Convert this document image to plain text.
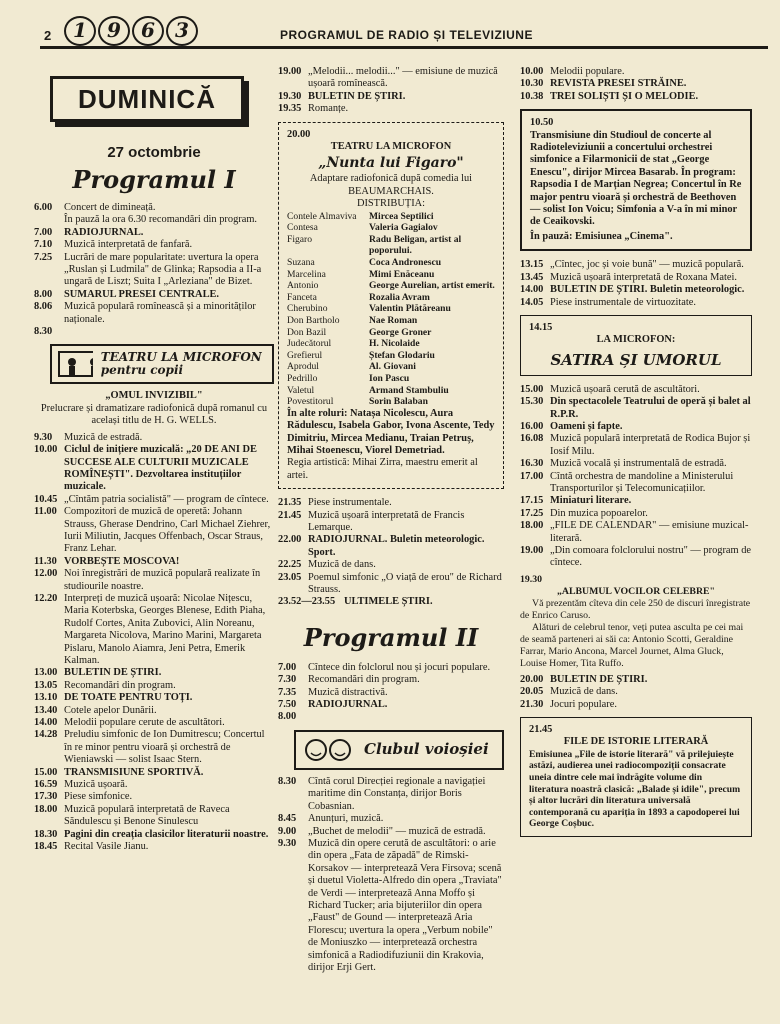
2	1	9	6	3	PROGRAMUL DE RADIO ȘI TELEVIZIUNE
DUMINICĂ
27 octombrie
Programul I
6.00	Concert de dimineață.
În pauză la ora 6.30 recomandări din program.
7.00	RADIOJURNAL.
7.10	Muzică interpretată de fanfară.
7.25	Lucrări de mare popularitate: uvertura la opera „Ruslan și Ludmila" de Glinka; Rapsodia a II-a ungară de Liszt; Suita I „Arleziana" de Bizet.
8.00	SUMARUL PRESEI CENTRALE.
8.06	Muzică populară romînească și a minorităților naționale.
8.30
TEATRU LA MICROFON pentru copii
„OMUL INVIZIBIL"
Prelucrare și dramatizare radiofonică după romanul cu același titlu de H. G. WELLS.
9.30	Muzică de estradă.
10.00 Ciclul de inițiere muzicală: „20 DE ANI DE SUCCESE ALE CULTURII MUZICALE ROMÎNEȘTI". Dezvoltarea instituțiilor muzicale.
10.45 „Cîntăm patria socialistă" — program de cîntece.
11.00 Compozitori de muzică de operetă: Johann Strauss, Gherase Dendrino, Carl Michael Ziehrer, Iurii Miliutin, Jacques Offenbach, Oscar Straus, Franz Lehar.
11.30 VORBEȘTE MOSCOVA!
12.00 Noi înregistrări de muzică populară realizate în studiourile noastre.
12.20 Interpreți de muzică ușoară: Nicolae Nițescu, Maria Koterbska, Georges Blenese, Edith Piaha, Rudolf Cortes, Anita Zubovici, Alin Noreanu, Margareta Nicolova, Marino Marini, Margareta Pislaru, Manolo Aiamra, Jeni Petra, Emerik Kalman.
13.00 BULETIN DE ȘTIRI.
13.05 Recomandări din program.
13.10 DE TOATE PENTRU TOȚI.
13.40 Cotele apelor Dunării.
14.00 Melodii populare cerute de ascultători.
14.28 Preludiu simfonic de Ion Dumitrescu; Concertul în re minor pentru vioară și orchestră de Wieniawski — solist Isaac Stern.
15.00 TRANSMISIUNE SPORTIVĂ.
16.59 Muzică ușoară.
17.30 Piese simfonice.
18.00 Muzică populară interpretată de Raveca Săndulescu și Benone Sinulescu
18.30 Pagini din creația clasicilor literaturii noastre.
18.45 Recital Vasile Jianu.
19.00 „Melodii... melodii..." — emisiune de muzică ușoară romînească.
19.30 BULETIN DE ȘTIRI.
19.35 Romanțe.
20.00
TEATRU LA MICROFON
„Nunta lui Figaro"
Adaptare radiofonică după comedia lui BEAUMARCHAIS.
DISTRIBUȚIA:
Contele Almaviva	Mircea Septilici
Contesa	Valeria Gagialov
Figaro	Radu Beligan, artist al poporului.
Suzana	Coca Andronescu
Marcelina	Mimi Enăceanu
Antonio	George Aurelian, artist emerit.
Fanceta	Rozalia Avram
Cherubino	Valentin Plătăreanu
Don Bartholo	Nae Roman
Don Bazil	George Groner
Judecătorul	H. Nicolaide
Grefierul	Ștefan Glodariu
Aprodul	Al. Giovani
Pedrillo	Ion Pascu
Valetul	Armand Stambuliu
Povestitorul	Sorin Balaban
În alte roluri: Natașa Nicolescu, Aura Rădulescu, Isabela Gabor, Ivona Ascente, Tedy Dimitriu, Mircea Medianu, Traian Petruș, Mihai Stoenescu, Viorel Demetriad.
Regia artistică: Mihai Zirra, maestru emerit al artei.
21.35 Piese instrumentale.
21.45 Muzică ușoară interpretată de Francis Lemarque.
22.00 RADIOJURNAL. Buletin meteorologic. Sport.
22.25 Muzică de dans.
23.05 Poemul simfonic „O viață de erou" de Richard Strauss.
23.52—23.55 ULTIMELE ȘTIRI.
Programul II
7.00	Cîntece din folclorul nou și jocuri populare.
7.30	Recomandări din program.
7.35	Muzică distractivă.
7.50	RADIOJURNAL.
8.00
Clubul voioșiei
8.30	Cîntă corul Direcției regionale a navigației maritime din Constanța, dirijor Boris Cobasnian.
8.45	Anunțuri, muzică.
9.00	„Buchet de melodii" — muzică de estradă.
9.30	Muzică din opere cerută de ascultători: o arie din opera „Fata de zăpadă" de Rimski-Korsakov — interpretează Vera Firsova; scenă și duetul Violetta-Alfredo din opera „Traviata" de Verdi — interpretează Anna Moffo și Richard Tucker; aria bijuteriilor din opera „Faust" de Gound — interpretează Aria Florescu; uvertura la opera „Verbum nobile" de Moniuszko — interpretează orchestra simfonică a Radiodifuziunii din Krakovia, dirijor Erji Gert.
10.00 Melodii populare.
10.30 REVISTA PRESEI STRĂINE.
10.38 TREI SOLIȘTI ȘI O MELODIE.
10.50
Transmisiune din Studioul de concerte al Radioteleviziunii a concertului orchestrei simfonice a Filarmonicii de stat „George Enescu", dirijor Mircea Basarab. În program: Rapsodia I de Marțian Negrea; Concertul în Re major pentru vioară și orchestră de Beethoven — solist Ion Voicu; Simfonia a V-a în mi minor de Ceaikovski.
În pauză: Emisiunea „Cinema".
13.15 „Cîntec, joc și voie bună" — muzică populară.
13.45 Muzică ușoară interpretată de Roxana Matei.
14.00 BULETIN DE ȘTIRI. Buletin meteorologic.
14.05 Piese instrumentale de virtuozitate.
14.15
LA MICROFON:
SATIRA ȘI UMORUL
15.00 Muzică ușoară cerută de ascultători.
15.30 Din spectacolele Teatrului de operă și balet al R.P.R.
16.00 Oameni și fapte.
16.08 Muzică populară interpretată de Rodica Bujor și Iosif Milu.
16.30 Muzică vocală și instrumentală de estradă.
17.00 Cîntă orchestra de mandoline a Ministerului Transporturilor și Telecomunicațiilor.
17.15 Miniaturi literare.
17.25 Din muzica popoarelor.
18.00 „FILE DE CALENDAR" — emisiune muzical-literară.
19.00 „Din comoara folclorului nostru" — program de cîntece.
19.30
„ALBUMUL VOCILOR CELEBRE"
Vă prezentăm cîteva din cele 250 de discuri înregistrate de Enrico Caruso.
Alături de celebrul tenor, veți putea asculta pe cei mai de seamă parteneri ai săi ca: Antonio Scotti, Geraldine Farrar, Mario Ancona, Marcel Journet, Alma Gluck, Louise Homer, Tita Ruffo.
20.00 BULETIN DE ȘTIRI.
20.05 Muzică de dans.
21.30 Jocuri populare.
21.45
FILE DE ISTORIE LITERARĂ
Emisiunea „File de istorie literară" vă prilejuiește astăzi, audierea unei radiocompoziții consacrate uneia dintre cele mai îndrăgite volume din literatura noastră clasică: „Balade și idile", precum și altor lucrări din literatura universală contemporană cu apariția în 1893 a capodoperei lui George Coșbuc.
